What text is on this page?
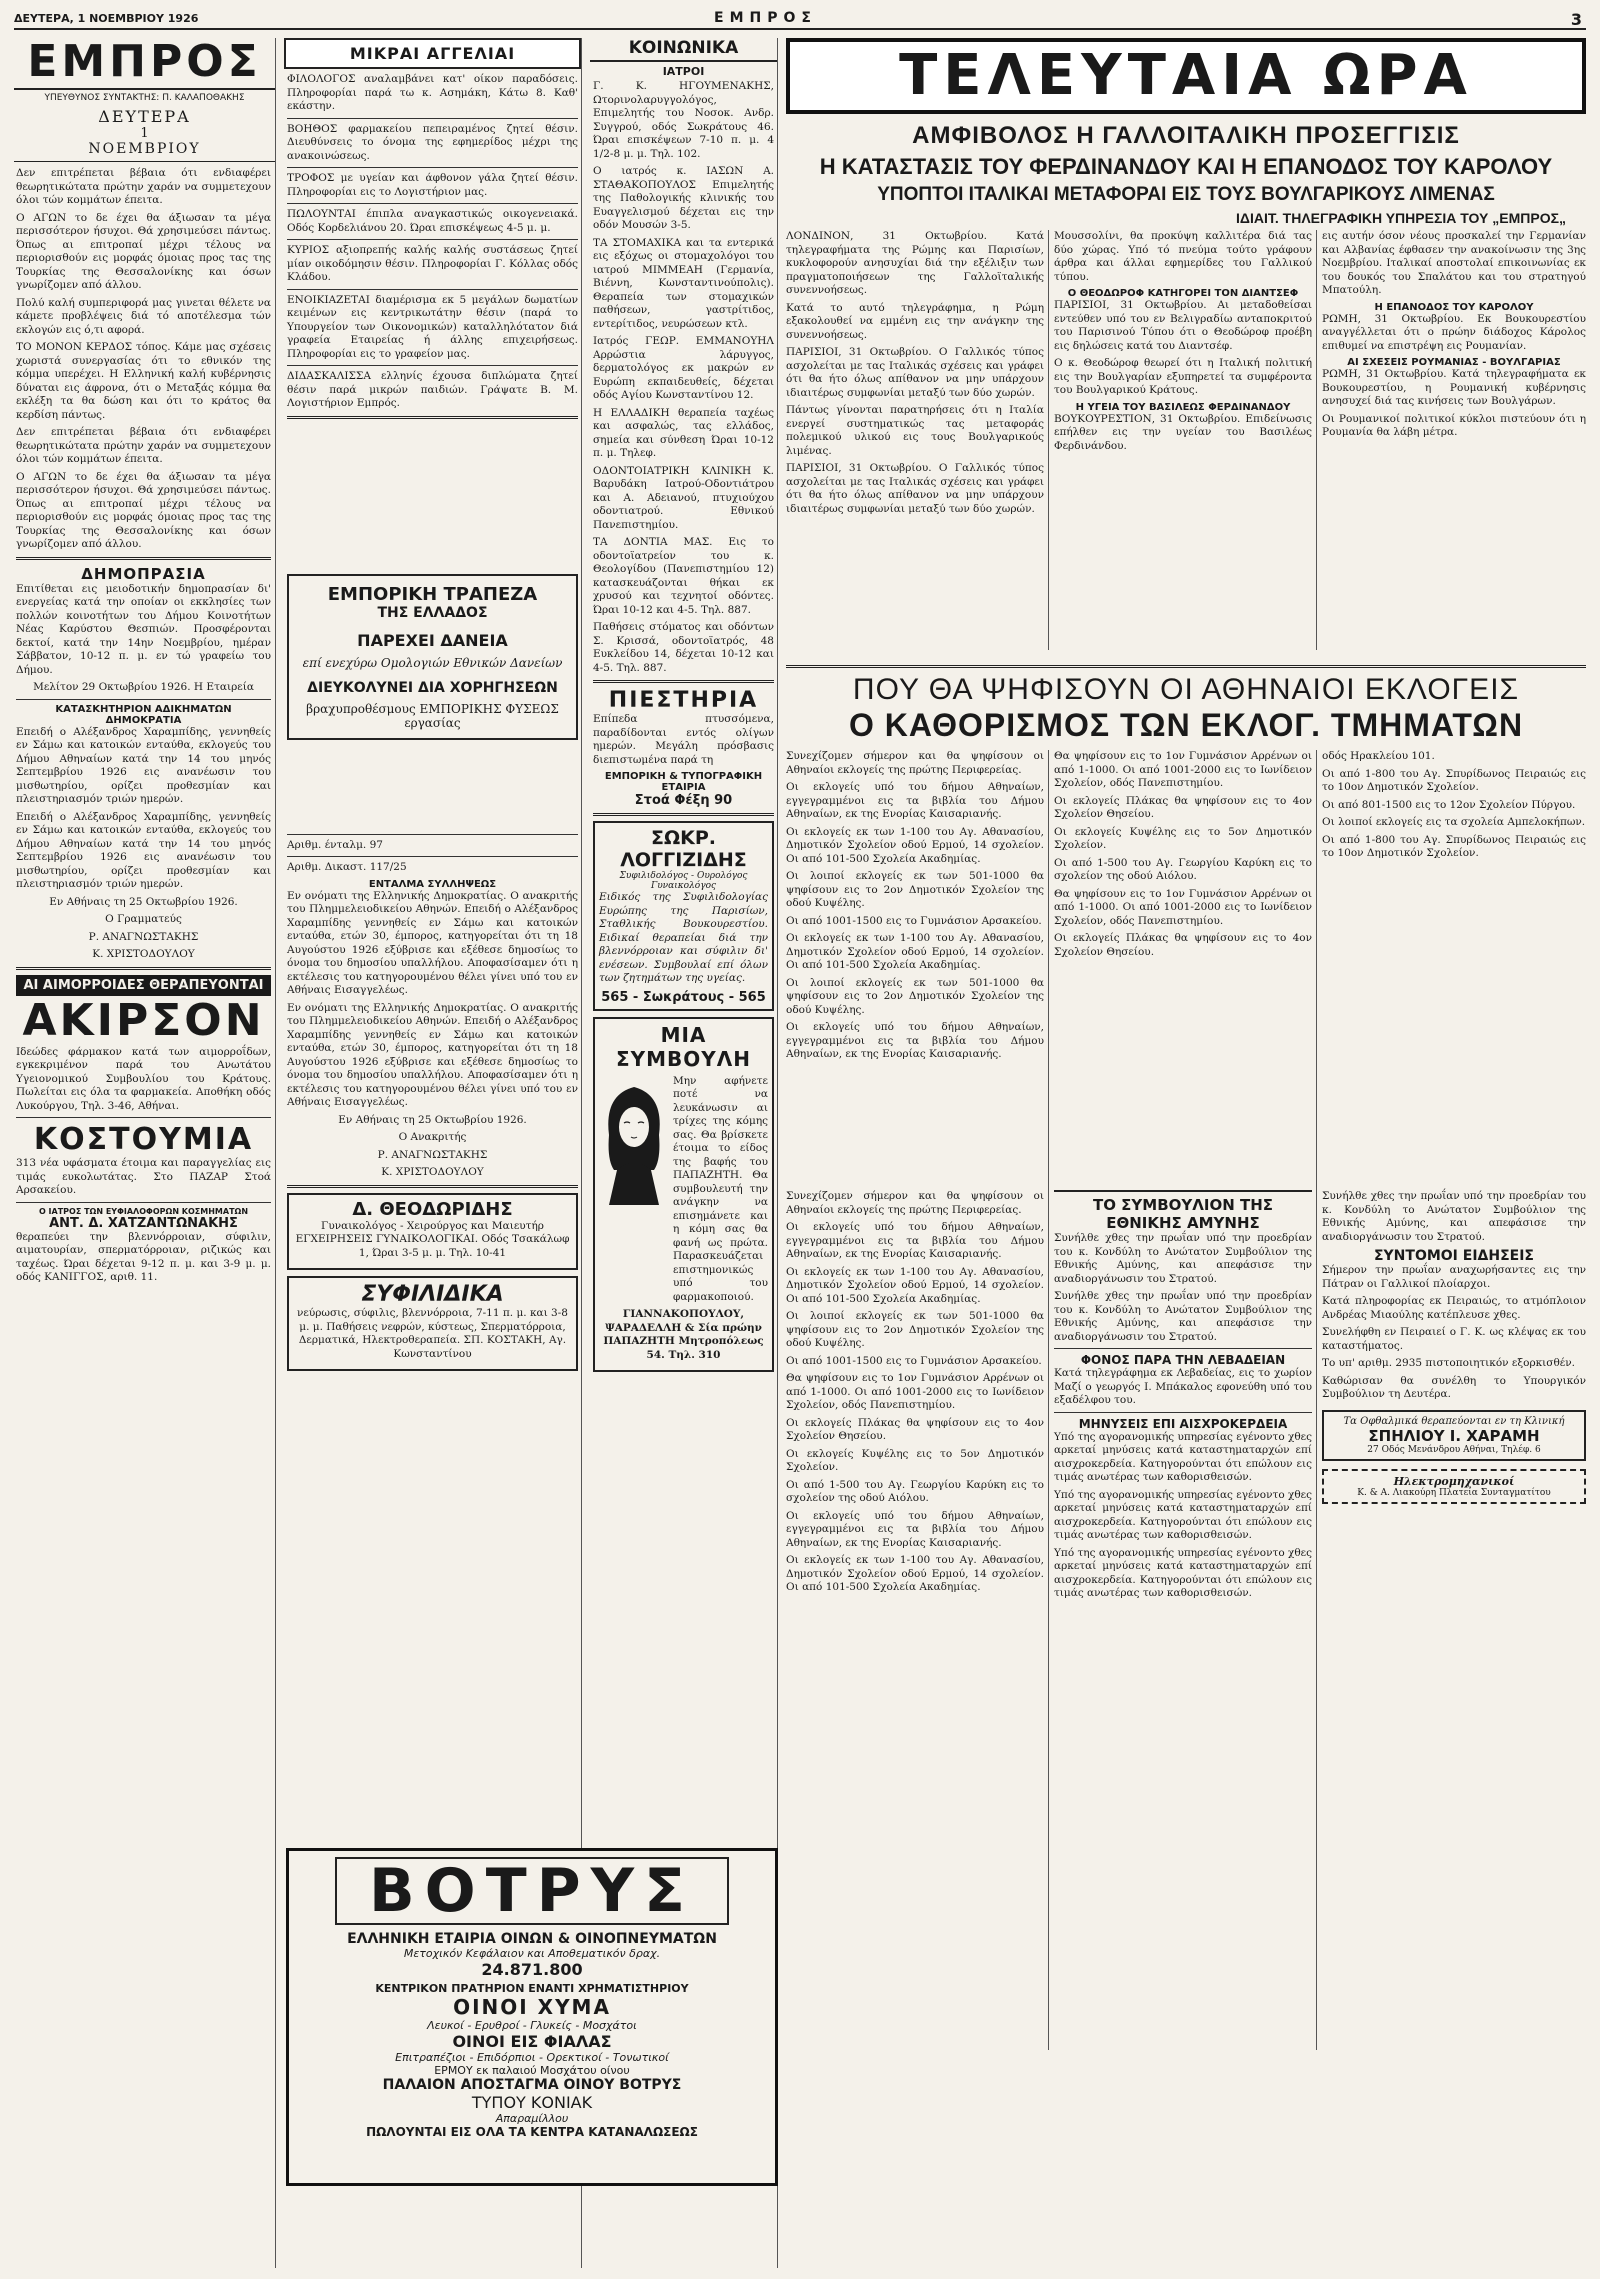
ΔΕΥΤΕΡΑ, 1 ΝΟΕΜΒΡΙΟΥ 1926	ΕΜΠΡΟΣ	3
ΕΜΠΡΟΣ
ΥΠΕΥΘΥΝΟΣ ΣΥΝΤΑΚΤΗΣ: Π. ΚΑΛΑΠΟΘΑΚΗΣ
ΔΕΥΤΕΡΑ
1
ΝΟΕΜΒΡΙΟΥ

Δεν επιτρέπεται βέβαια ότι ενδιαφέρει θεωρητικώτατα πρώτην χαράν να συμμετεχουν όλοι τών κομμάτων έπειτα.

Ο ΑΓΩΝ το δε έχει θα άξιωσαν τα μέγα περισσότερον ήσυχοι. Θά χρησιμεύσει πάντως. Όπως αι επιτροπαί μέχρι τέλους να περιορισθούν εις μορφάς όμοιας προς τας της Τουρκίας της Θεσσαλονίκης και όσων γνωρίζομεν από άλλου.

Πολύ καλή συμπεριφορά μας γινεται θέλετε να κάμετε προβλέψεις διά τό αποτέλεσμα τών εκλογών εις ό,τι αφορά.

ΤΟ ΜΟΝΟΝ ΚΕΡΔΟΣ τόπος. Κάμε μας σχέσεις χωριστά συνεργασίας ότι το εθνικόν της κόμμα υπερέχει. Η Ελληνική καλή κυβέρνησις δύναται εις άφρονα, ότι ο Μεταξάς κόμμα θα εκλέξη τα θα δώση και ότι το κράτος θα κερδίση πάντως.

Δεν επιτρέπεται βέβαια ότι ενδιαφέρει θεωρητικώτατα πρώτην χαράν να συμμετεχουν όλοι τών κομμάτων έπειτα.

Ο ΑΓΩΝ το δε έχει θα άξιωσαν τα μέγα περισσότερον ήσυχοι. Θά χρησιμεύσει πάντως. Όπως αι επιτροπαί μέχρι τέλους να περιορισθούν εις μορφάς όμοιας προς τας της Τουρκίας της Θεσσαλονίκης και όσων γνωρίζομεν από άλλου.

ΔΗΜΟΠΡΑΣΙΑ

Επιτίθεται εις μειοδοτικήν δημοπρασίαν δι' ενεργείας κατά την οποίαν οι εκκλησίες των πολλών κοινοτήτων του Δήμου Κοινοτήτων Νέας Καρύστου Θεσπιών. Προσφέρονται δεκτοί, κατά την 14ην Νοεμβρίου, ημέραν Σάββατον, 10-12 π. μ. εν τώ γραφείω του Δήμου.

Μελίτον 29 Οκτωβρίου 1926. Η Εταιρεία

ΚΑΤΑΣΚΗΤΗΡΙΟΝ ΑΔΙΚΗΜΑΤΩΝ ΔΗΜΟΚΡΑΤΙΑ

Επειδή ο Αλέξανδρος Χαραμπίδης, γεννηθείς εν Σάμω και κατοικών ενταύθα, εκλογεύς του Δήμου Αθηναίων κατά την 14 του μηνός Σεπτεμβρίου 1926 εις ανανέωσιν του μισθωτηρίου, ορίζει προθεσμίαν και πλειστηριασμόν τριών ημερών.

Επειδή ο Αλέξανδρος Χαραμπίδης, γεννηθείς εν Σάμω και κατοικών ενταύθα, εκλογεύς του Δήμου Αθηναίων κατά την 14 του μηνός Σεπτεμβρίου 1926 εις ανανέωσιν του μισθωτηρίου, ορίζει προθεσμίαν και πλειστηριασμόν τριών ημερών.

Εν Αθήναις τη 25 Οκτωβρίου 1926.

Ο Γραμματεύς

Ρ. ΑΝΑΓΝΩΣΤΑΚΗΣ

Κ. ΧΡΙΣΤΟΔΟΥΛΟΥ

ΑΙ ΑΙΜΟΡΡΟΙΔΕΣ ΘΕΡΑΠΕΥΟΝΤΑΙ
ΑΚΙΡΣΟΝ

Ιδεώδες φάρμακον κατά των αιμορροΐδων, εγκεκριμένον παρά του Ανωτάτου Υγειονομικού Συμβουλίου του Κράτους. Πωλείται εις όλα τα φαρμακεία. Αποθήκη οδός Λυκούργου, Τηλ. 3-46, Αθήναι.

ΚΟΣΤΟΥΜΙΑ

313 νέα υφάσματα έτοιμα και παραγγελίας εις τιμάς ευκολωτάτας. Στο ΠΑΖΑΡ Στοά Αρσακείου.

Ο ΙΑΤΡΟΣ ΤΩΝ ΕΥΦΙΑΛΟΦΟΡΩΝ ΚΟΣΜΗΜΑΤΩΝ
ΑΝΤ. Δ. ΧΑΤΖΑΝΤΩΝΑΚΗΣ

θεραπεύει την βλεννόρροιαν, σύφιλιν, αιματουρίαν, σπερματόρροιαν, ριζικώς και ταχέως. Ώραι δέχεται 9-12 π. μ. και 3-9 μ. μ. οδός ΚΑΝΙΓΓΟΣ, αριθ. 11.

ΜΙΚΡΑΙ ΑΓΓΕΛΙΑΙ

ΦΙΛΟΛΟΓΟΣ αναλαμβάνει κατ' οίκον παραδόσεις. Πληροφορίαι παρά τω κ. Ασημάκη, Κάτω 8. Καθ' εκάστην.

ΒΟΗΘΟΣ φαρμακείου πεπειραμένος ζητεί θέσιν. Διευθύνσεις το όνομα της εφημερίδος μέχρι της ανακοινώσεως.

ΤΡΟΦΟΣ με υγείαν και άφθονον γάλα ζητεί θέσιν. Πληροφορίαι εις το Λογιστήριον μας.

ΠΩΛΟΥΝΤΑΙ έπιπλα αναγκαστικώς οικογενειακά. Οδός Κορδελιάνου 20. Ώραι επισκέψεως 4-5 μ. μ.

ΚΥΡΙΟΣ αξιοπρεπής καλής καλής συστάσεως ζητεί μίαν οικοδόμησιν θέσιν. Πληροφορίαι Γ. Κόλλας οδός Κλάδου.

ΕΝΟΙΚΙΑΖΕΤΑΙ διαμέρισμα εκ 5 μεγάλων δωματίων κειμένων εις κεντρικωτάτην θέσιν (παρά το Υπουργείον των Οικονομικών) καταλληλότατον διά γραφεία Εταιρείας ή άλλης επιχειρήσεως. Πληροφορίαι εις το γραφείον μας.

ΔΙΔΑΣΚΑΛΙΣΣΑ ελληνίς έχουσα διπλώματα ζητεί θέσιν παρά μικρών παιδιών. Γράψατε Β. Μ. Λογιστήριον Εμπρός.

ΕΜΠΟΡΙΚΗ ΤΡΑΠΕΖΑ
ΤΗΣ ΕΛΛΑΔΟΣ
ΠΑΡΕΧΕΙ ΔΑΝΕΙΑ
επί ενεχύρω Ομολογιών Εθνικών Δανείων
ΔΙΕΥΚΟΛΥΝΕΙ ΔΙΑ ΧΟΡΗΓΗΣΕΩΝ
βραχυπροθέσμους ΕΜΠΟΡΙΚΗΣ ΦΥΣΕΩΣ εργασίας

Αριθμ. ένταλμ. 97

Αριθμ. Δικαστ. 117/25

ΕΝΤΑΛΜΑ ΣΥΛΛΗΨΕΩΣ

Εν ονόματι της Ελληνικής Δημοκρατίας. Ο ανακριτής του Πλημμελειοδικείου Αθηνών. Επειδή ο Αλέξανδρος Χαραμπίδης γεννηθείς εν Σάμω και κατοικών ενταύθα, ετών 30, έμπορος, κατηγορείται ότι τη 18 Αυγούστου 1926 εξύβρισε και εξέθεσε δημοσίως το όνομα του δημοσίου υπαλλήλου. Αποφασίσαμεν ότι η εκτέλεσις του κατηγορουμένου θέλει γίνει υπό του εν Αθήναις Εισαγγελέως.

Εν ονόματι της Ελληνικής Δημοκρατίας. Ο ανακριτής του Πλημμελειοδικείου Αθηνών. Επειδή ο Αλέξανδρος Χαραμπίδης γεννηθείς εν Σάμω και κατοικών ενταύθα, ετών 30, έμπορος, κατηγορείται ότι τη 18 Αυγούστου 1926 εξύβρισε και εξέθεσε δημοσίως το όνομα του δημοσίου υπαλλήλου. Αποφασίσαμεν ότι η εκτέλεσις του κατηγορουμένου θέλει γίνει υπό του εν Αθήναις Εισαγγελέως.

Εν Αθήναις τη 25 Οκτωβρίου 1926.

Ο Ανακριτής

Ρ. ΑΝΑΓΝΩΣΤΑΚΗΣ

Κ. ΧΡΙΣΤΟΔΟΥΛΟΥ

Δ. ΘΕΟΔΩΡΙΔΗΣ

Γυναικολόγος - Χειρούργος και Μαιευτήρ ΕΓΧΕΙΡΗΣΕΙΣ ΓΥΝΑΙΚΟΛΟΓΙΚΑΙ. Οδός Τσακάλωφ 1, Ώραι 3-5 μ. μ. Τηλ. 10-41

ΣΥΦΙΛΙΔΙΚΑ

νεύρωσις, σύφιλις, βλεννόρροια, 7-11 π. μ. και 3-8 μ. μ. Παθήσεις νεφρών, κύστεως, Σπερματόρροια, Δερματικά, Ηλεκτροθεραπεία. ΣΠ. ΚΟΣΤΑΚΗ, Αγ. Κωνσταντίνου

ΚΟΙΝΩΝΙΚΑ
ΙΑΤΡΟΙ

Γ. Κ. ΗΓΟΥΜΕΝΑΚΗΣ, Ωτορινολαρυγγολόγος, Επιμελητής του Νοσοκ. Ανδρ. Συγγρού, οδός Σωκράτους 46. Ώραι επισκέψεων 7-10 π. μ. 4 1/2-8 μ. μ. Τηλ. 102.

Ο ιατρός κ. ΙΑΣΩΝ Α. ΣΤΑΘΑΚΟΠΟΥΛΟΣ Επιμελητής της Παθολογικής κλινικής του Ευαγγελισμού δέχεται εις την οδόν Μουσών 3-5.

ΤΑ ΣΤΟΜΑΧΙΚΑ και τα εντερικά εις εξόχως οι στομαχολόγοι του ιατρού ΜΙΜΜΕΑΗ (Γερμανία, Βιέννη, Κωνσταντινούπολις). Θεραπεία των στομαχικών παθήσεων, γαστρίτιδος, εντερίτιδος, νευρώσεων κτλ.

Ιατρός ΓΕΩΡ. ΕΜΜΑΝΟΥΗΛ Αρρώστια λάρυγγος, δερματολόγος εκ μακρών εν Ευρώπη εκπαιδευθείς, δέχεται οδός Αγίου Κωνσταντίνου 12.

Η ΕΛΛΑΔΙΚΗ θεραπεία ταχέως και ασφαλώς, τας ελλάδος, σημεία και σύνθεση Ώραι 10-12 π. μ. Τηλεφ.

ΟΔΟΝΤΟΙΑΤΡΙΚΗ ΚΛΙΝΙΚΗ Κ. Βαρυδάκη Ιατρού-Οδοντιάτρου και Α. Αδειανού, πτυχιούχου οδοντιατρού. Εθνικού Πανεπιστημίου.

ΤΑ ΔΟΝΤΙΑ ΜΑΣ. Εις το οδοντοϊατρείον του κ. Θεολογίδου (Πανεπιστημίου 12) κατασκευάζονται θήκαι εκ χρυσού και τεχνητοί οδόντες. Ώραι 10-12 και 4-5. Τηλ. 887.

Παθήσεις στόματος και οδόντων Σ. Κρισσά, οδοντοϊατρός, 48 Ευκλείδου 14, δέχεται 10-12 και 4-5. Τηλ. 887.

ΠΙΕΣΤΗΡΙΑ

Επίπεδα πτυσσόμενα, παραδίδονται εντός ολίγων ημερών. Μεγάλη πρόσβασις διεπιστωμένα παρά τη

ΕΜΠΟΡΙΚΗ & ΤΥΠΟΓΡΑΦΙΚΗ ΕΤΑΙΡΙΑ
Στοά Φέξη 90
ΣΩΚΡ. ΛΟΓΓΙΖΙΔΗΣ
Συφιλιδολόγος - Ουρολόγος Γυναικολόγος

Ειδικός της Συφιλιδολογίας Ευρώπης της Παρισίων, Σταθλικής Βουκουρεστίου. Ειδικαί θεραπείαι διά την βλεννόρροιαν και σύφιλιν δι' ενέσεων. Συμβουλαί επί όλων των ζητημάτων της υγείας.

565 - Σωκράτους - 565
ΜΙΑ ΣΥΜΒΟΥΛΗ

Μην αφήνετε ποτέ να λευκάνωσιν αι τρίχες της κόμης σας. Θα βρίσκετε έτοιμα το είδος της βαφής του ΠΑΠΑΖΗΤΗ. Θα συμβουλευτή την ανάγκην να επισημάνετε και η κόμη σας θα φανή ως πρώτα. Παρασκευάζεται επιστημονικώς υπό του φαρμακοποιού.

ΓΙΑΝΝΑΚΟΠΟΥΛΟΥ, ΨΑΡΑΔΕΛΛΗ & Σία πρώην ΠΑΠΑΖΗΤΗ Μητροπόλεως 54. Τηλ. 310

ΒΟΤΡΥΣ
ΕΛΛΗΝΙΚΗ ΕΤΑΙΡΙΑ ΟΙΝΩΝ & ΟΙΝΟΠΝΕΥΜΑΤΩΝ
Μετοχικόν Κεφάλαιον και Αποθεματικόν δραχ.
24.871.800
ΚΕΝΤΡΙΚΟΝ ΠΡΑΤΗΡΙΟΝ ΕΝΑΝΤΙ ΧΡΗΜΑΤΙΣΤΗΡΙΟΥ
ΟΙΝΟΙ ΧΥΜΑ
Λευκοί - Ερυθροί - Γλυκείς - Μοσχάτοι
ΟΙΝΟΙ ΕΙΣ ΦΙΑΛΑΣ
Επιτραπέζιοι - Επιδόρπιοι - Ορεκτικοί - Τονωτικοί
ΕΡΜΟΥ εκ παλαιού Μοσχάτου οίνου
ΠΑΛΑΙΟΝ ΑΠΟΣΤΑΓΜΑ ΟΙΝΟΥ ΒΟΤΡΥΣ
ΤΥΠΟΥ ΚΟΝΙΑΚ
Απαραμίλλου
ΠΩΛΟΥΝΤΑΙ ΕΙΣ ΟΛΑ ΤΑ ΚΕΝΤΡΑ ΚΑΤΑΝΑΛΩΣΕΩΣ
ΤΕΛΕΥΤΑΙΑ ΩΡΑ
ΑΜΦΙΒΟΛΟΣ Η ΓΑΛΛΟΙΤΑΛΙΚΗ ΠΡΟΣΕΓΓΙΣΙΣ
Η ΚΑΤΑΣΤΑΣΙΣ ΤΟΥ ΦΕΡΔΙΝΑΝΔΟΥ ΚΑΙ Η ΕΠΑΝΟΔΟΣ ΤΟΥ ΚΑΡΟΛΟΥ
ΥΠΟΠΤΟΙ ΙΤΑΛΙΚΑΙ ΜΕΤΑΦΟΡΑΙ ΕΙΣ ΤΟΥΣ ΒΟΥΛΓΑΡΙΚΟΥΣ ΛΙΜΕΝΑΣ
ΙΔΙΑΙΤ. ΤΗΛΕΓΡΑΦΙΚΗ ΥΠΗΡΕΣΙΑ ΤΟΥ „ΕΜΠΡΟΣ„

ΛΟΝΔΙΝΟΝ, 31 Οκτωβρίου. Κατά τηλεγραφήματα της Ρώμης και Παρισίων, κυκλοφορούν ανησυχίαι διά την εξέλιξιν των πραγματοποιήσεων της Γαλλοϊταλικής συνεννοήσεως.

Κατά το αυτό τηλεγράφημα, η Ρώμη εξακολουθεί να εμμένη εις την ανάγκην της συνεννοήσεως.

ΠΑΡΙΣΙΟΙ, 31 Οκτωβρίου. Ο Γαλλικός τύπος ασχολείται με τας Ιταλικάς σχέσεις και γράφει ότι θα ήτο όλως απίθανον να μην υπάρχουν ιδιαιτέρως συμφωνίαι μεταξύ των δύο χωρών.

Πάντως γίνονται παρατηρήσεις ότι η Ιταλία ενεργεί συστηματικώς τας μεταφοράς πολεμικού υλικού εις τους Βουλγαρικούς λιμένας.

ΠΑΡΙΣΙΟΙ, 31 Οκτωβρίου. Ο Γαλλικός τύπος ασχολείται με τας Ιταλικάς σχέσεις και γράφει ότι θα ήτο όλως απίθανον να μην υπάρχουν ιδιαιτέρως συμφωνίαι μεταξύ των δύο χωρών.

Μουσσολίνι, θα προκύψη καλλιτέρα διά τας δύο χώρας. Υπό τό πνεύμα τούτο γράφουν άρθρα και άλλαι εφημερίδες του Γαλλικού τύπου.

Ο ΘΕΟΔΩΡΟΦ ΚΑΤΗΓΟΡΕΙ ΤΟΝ ΔΙΑΝΤΣΕΦ

ΠΑΡΙΣΙΟΙ, 31 Οκτωβρίου. Αι μεταδοθείσαι εντεύθεν υπό του εν Βελιγραδίω ανταποκριτού του Παρισινού Τύπου ότι ο Θεοδώροφ προέβη εις δηλώσεις κατά του Διαντσέφ.

Ο κ. Θεοδώροφ θεωρεί ότι η Ιταλική πολιτική εις την Βουλγαρίαν εξυπηρετεί τα συμφέροντα του Βουλγαρικού Κράτους.

Η ΥΓΕΙΑ ΤΟΥ ΒΑΣΙΛΕΩΣ ΦΕΡΔΙΝΑΝΔΟΥ

ΒΟΥΚΟΥΡΕΣΤΙΟΝ, 31 Οκτωβρίου. Επιδείνωσις επήλθεν εις την υγείαν του Βασιλέως Φερδινάνδου.

εις αυτήν όσον νέους προσκαλεί την Γερμανίαν και Αλβανίας έφθασεν την ανακοίνωσιν της 3ης Νοεμβρίου. Ιταλικαί αποστολαί επικοινωνίας εκ του δουκός του Σπαλάτου και του στρατηγού Μπατούλη.

Η ΕΠΑΝΟΔΟΣ ΤΟΥ ΚΑΡΟΛΟΥ

ΡΩΜΗ, 31 Οκτωβρίου. Εκ Βουκουρεστίου αναγγέλλεται ότι ο πρώην διάδοχος Κάρολος επιθυμεί να επιστρέψη εις Ρουμανίαν.

ΑΙ ΣΧΕΣΕΙΣ ΡΟΥΜΑΝΙΑΣ - ΒΟΥΛΓΑΡΙΑΣ

ΡΩΜΗ, 31 Οκτωβρίου. Κατά τηλεγραφήματα εκ Βουκουρεστίου, η Ρουμανική κυβέρνησις ανησυχεί διά τας κινήσεις των Βουλγάρων.

Οι Ρουμανικοί πολιτικοί κύκλοι πιστεύουν ότι η Ρουμανία θα λάβη μέτρα.

ΠΟΥ ΘΑ ΨΗΦΙΣΟΥΝ ΟΙ ΑΘΗΝΑΙΟΙ ΕΚΛΟΓΕΙΣ
Ο ΚΑΘΟΡΙΣΜΟΣ ΤΩΝ ΕΚΛΟΓ. ΤΜΗΜΑΤΩΝ

Συνεχίζομεν σήμερον και θα ψηφίσουν οι Αθηναίοι εκλογείς της πρώτης Περιφερείας.

Οι εκλογείς υπό του δήμου Αθηναίων, εγγεγραμμένοι εις τα βιβλία του Δήμου Αθηναίων, εκ της Ενορίας Καισαριανής.

Οι εκλογείς εκ των 1-100 του Αγ. Αθανασίου, Δημοτικόν Σχολείον οδού Ερμού, 14 σχολείον. Οι από 101-500 Σχολεία Ακαδημίας.

Οι λοιποί εκλογείς εκ των 501-1000 θα ψηφίσουν εις το 2ον Δημοτικόν Σχολείον της οδού Κυψέλης.

Οι από 1001-1500 εις το Γυμνάσιον Αρσακείου.

Οι εκλογείς εκ των 1-100 του Αγ. Αθανασίου, Δημοτικόν Σχολείον οδού Ερμού, 14 σχολείον. Οι από 101-500 Σχολεία Ακαδημίας.

Οι λοιποί εκλογείς εκ των 501-1000 θα ψηφίσουν εις το 2ον Δημοτικόν Σχολείον της οδού Κυψέλης.

Οι εκλογείς υπό του δήμου Αθηναίων, εγγεγραμμένοι εις τα βιβλία του Δήμου Αθηναίων, εκ της Ενορίας Καισαριανής.

Θα ψηφίσουν εις το 1ον Γυμνάσιον Αρρένων οι από 1-1000. Οι από 1001-2000 εις το Ιωνίδειον Σχολείον, οδός Πανεπιστημίου.

Οι εκλογείς Πλάκας θα ψηφίσουν εις το 4ον Σχολείον Θησείου.

Οι εκλογείς Κυψέλης εις το 5ον Δημοτικόν Σχολείον.

Οι από 1-500 του Αγ. Γεωργίου Καρύκη εις το σχολείον της οδού Αιόλου.

Θα ψηφίσουν εις το 1ον Γυμνάσιον Αρρένων οι από 1-1000. Οι από 1001-2000 εις το Ιωνίδειον Σχολείον, οδός Πανεπιστημίου.

Οι εκλογείς Πλάκας θα ψηφίσουν εις το 4ον Σχολείον Θησείου.

οδός Ηρακλείου 101.

Οι από 1-800 του Αγ. Σπυρίδωνος Πειραιώς εις το 10ον Δημοτικόν Σχολείον.

Οι από 801-1500 εις το 12ον Σχολείον Πύργου.

Οι λοιποί εκλογείς εις τα σχολεία Αμπελοκήπων.

Οι από 1-800 του Αγ. Σπυρίδωνος Πειραιώς εις το 10ον Δημοτικόν Σχολείον.

Συνεχίζομεν σήμερον και θα ψηφίσουν οι Αθηναίοι εκλογείς της πρώτης Περιφερείας.

Οι εκλογείς υπό του δήμου Αθηναίων, εγγεγραμμένοι εις τα βιβλία του Δήμου Αθηναίων, εκ της Ενορίας Καισαριανής.

Οι εκλογείς εκ των 1-100 του Αγ. Αθανασίου, Δημοτικόν Σχολείον οδού Ερμού, 14 σχολείον. Οι από 101-500 Σχολεία Ακαδημίας.

Οι λοιποί εκλογείς εκ των 501-1000 θα ψηφίσουν εις το 2ον Δημοτικόν Σχολείον της οδού Κυψέλης.

Οι από 1001-1500 εις το Γυμνάσιον Αρσακείου.

Θα ψηφίσουν εις το 1ον Γυμνάσιον Αρρένων οι από 1-1000. Οι από 1001-2000 εις το Ιωνίδειον Σχολείον, οδός Πανεπιστημίου.

Οι εκλογείς Πλάκας θα ψηφίσουν εις το 4ον Σχολείον Θησείου.

Οι εκλογείς Κυψέλης εις το 5ον Δημοτικόν Σχολείον.

Οι από 1-500 του Αγ. Γεωργίου Καρύκη εις το σχολείον της οδού Αιόλου.

Οι εκλογείς υπό του δήμου Αθηναίων, εγγεγραμμένοι εις τα βιβλία του Δήμου Αθηναίων, εκ της Ενορίας Καισαριανής.

Οι εκλογείς εκ των 1-100 του Αγ. Αθανασίου, Δημοτικόν Σχολείον οδού Ερμού, 14 σχολείον. Οι από 101-500 Σχολεία Ακαδημίας.

ΤΟ ΣΥΜΒΟΥΛΙΟΝ ΤΗΣ ΕΘΝΙΚΗΣ ΑΜΥΝΗΣ

Συνήλθε χθες την πρωΐαν υπό την προεδρίαν του κ. Κονδύλη το Ανώτατον Συμβούλιον της Εθνικής Αμύνης, και απεφάσισε την αναδιοργάνωσιν του Στρατού.

Συνήλθε χθες την πρωΐαν υπό την προεδρίαν του κ. Κονδύλη το Ανώτατον Συμβούλιον της Εθνικής Αμύνης, και απεφάσισε την αναδιοργάνωσιν του Στρατού.

ΦΟΝΟΣ ΠΑΡΑ ΤΗΝ ΛΕΒΑΔΕΙΑΝ

Κατά τηλεγράφημα εκ Λεβαδείας, εις το χωρίον Μαζί ο γεωργός Ι. Μπάκαλος εφονεύθη υπό του εξαδέλφου του.

ΜΗΝΥΣΕΙΣ ΕΠΙ ΑΙΣΧΡΟΚΕΡΔΕΙΑ

Υπό της αγορανομικής υπηρεσίας εγένοντο χθες αρκεταί μηνύσεις κατά καταστηματαρχών επί αισχροκερδεία. Κατηγορούνται ότι επώλουν εις τιμάς ανωτέρας των καθορισθεισών.

Υπό της αγορανομικής υπηρεσίας εγένοντο χθες αρκεταί μηνύσεις κατά καταστηματαρχών επί αισχροκερδεία. Κατηγορούνται ότι επώλουν εις τιμάς ανωτέρας των καθορισθεισών.

Υπό της αγορανομικής υπηρεσίας εγένοντο χθες αρκεταί μηνύσεις κατά καταστηματαρχών επί αισχροκερδεία. Κατηγορούνται ότι επώλουν εις τιμάς ανωτέρας των καθορισθεισών.

Συνήλθε χθες την πρωΐαν υπό την προεδρίαν του κ. Κονδύλη το Ανώτατον Συμβούλιον της Εθνικής Αμύνης, και απεφάσισε την αναδιοργάνωσιν του Στρατού.

ΣΥΝΤΟΜΟΙ ΕΙΔΗΣΕΙΣ

Σήμερον την πρωΐαν αναχωρήσαντες εις την Πάτραν οι Γαλλικοί πλοίαρχοι.

Κατά πληροφορίας εκ Πειραιώς, το ατμόπλοιον Ανδρέας Μιαούλης κατέπλευσε χθες.

Συνελήφθη εν Πειραιεί ο Γ. Κ. ως κλέψας εκ του καταστήματος.

Το υπ' αριθμ. 2935 πιστοποιητικόν εξορκισθέν.

Καθώρισαν θα συνέλθη το Υπουργικόν Συμβούλιον τη Δευτέρα.

Τα Οφθαλμικά θεραπεύονται εν τη Κλινική
ΣΠΗΛΙΟΥ Ι. ΧΑΡΑΜΗ
27 Οδός Μενάνδρου Αθήναι, Τηλέφ. 6
Ηλεκτρομηχανικοί
Κ. & Α. Λιακούρη Πλατεία Συνταγματίτου
